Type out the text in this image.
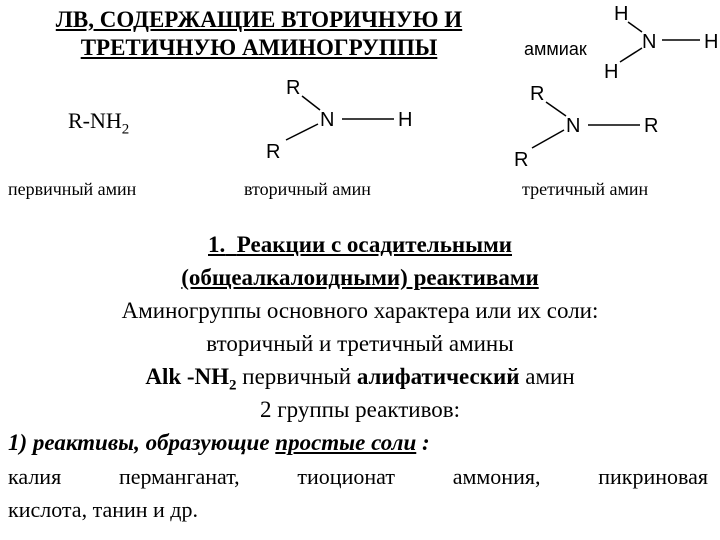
ЛВ, СОДЕРЖАЩИЕ ВТОРИЧНУЮ И
ТРЕТИЧНУЮ АМИНОГРУППЫ	аммиак
H
N H
H
$R-NH_2$
первичный амин
R
N	H
R
вторичный амин
R
N	R
R
третичный амин
1. Реакции с осадительными
(общеалкалоидными) реактивами
Аминогруппы основного характера или их соли:
вторичный и третичный амины
Alk $-NH_2$ первичный алифатический амин
2 группы реактивов:
1) реактивы, образующие простые соли :
калия	перманганат,	тиоционат	аммония,	пикриновая
кислота, танин и др.
